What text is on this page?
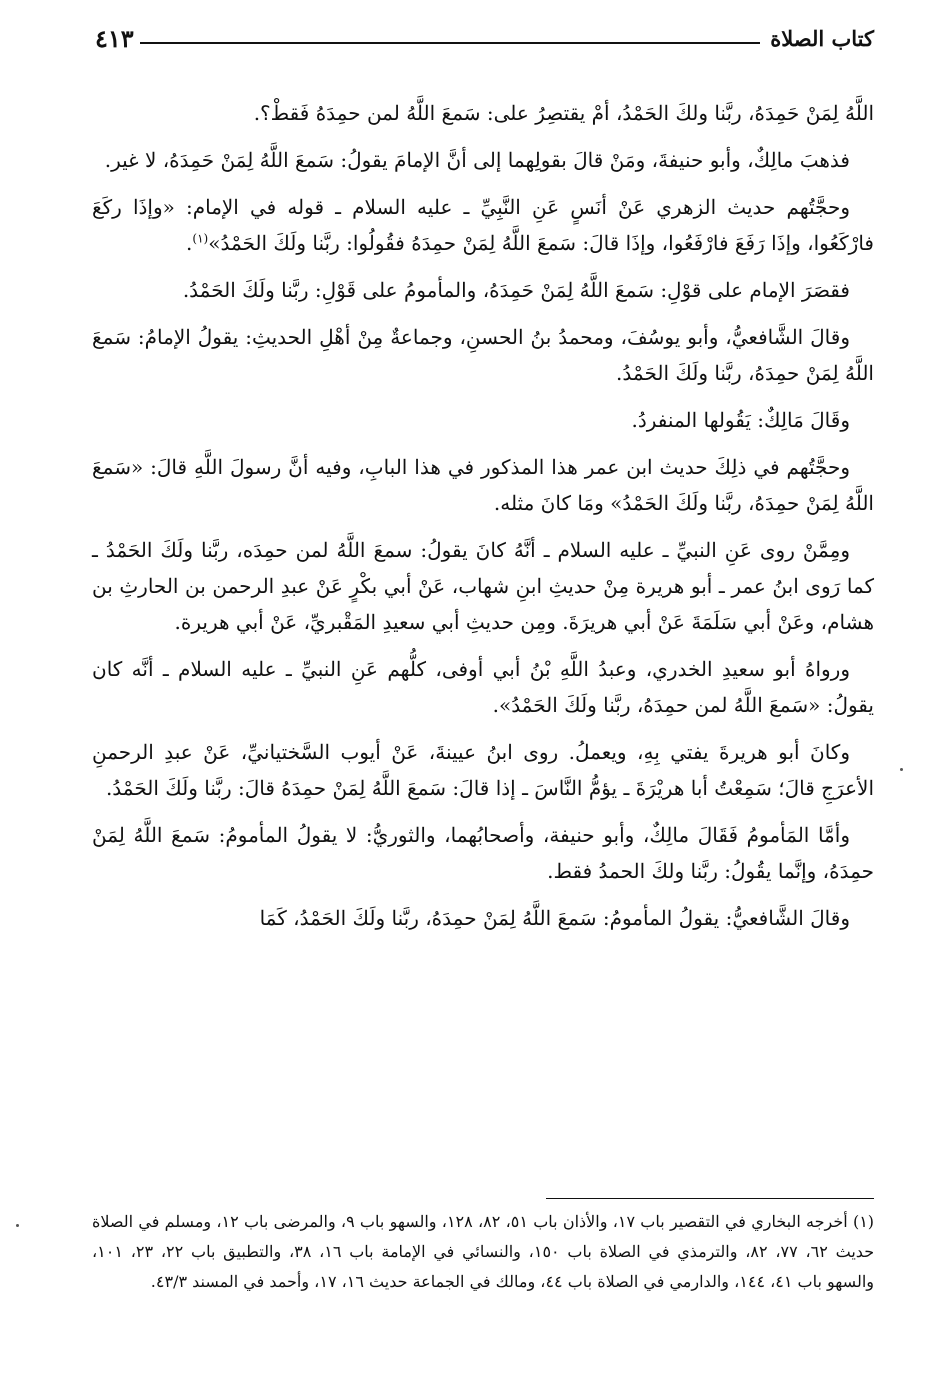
كتاب الصلاة
٤١٣

اللَّهُ لِمَنْ حَمِدَهُ، ربَّنا ولكَ الحَمْدُ، أمْ يقتصِرُ على: سَمعَ اللَّهُ لمن حمِدَهُ فَقطْ؟.

فذهبَ مالِكٌ، وأبو حنيفةَ، ومَنْ قالَ بقولِهما إلى أنَّ الإمامَ يقولُ: سَمعَ اللَّهُ لِمَنْ حَمِدَهُ، لا غير.

وحجَّتُهم حديث الزهري عَنْ أنَسٍ عَنِ النَّبِيِّ ـ عليه السلام ـ قوله في الإمام: «وإذَا ركَعَ فارْكَعُوا، وإذَا رَفَعَ فارْفَعُوا، وإذَا قالَ: سَمعَ اللَّهُ لِمَنْ حمِدَهُ فقُولُوا: ربَّنا ولَكَ الحَمْدُ»$^{(١)}$.

فقصَرَ الإمام على قوْلِ: سَمعَ اللَّهُ لِمَنْ حَمِدَهُ، والمأمومُ على قَوْلِ: ربَّنا ولَكَ الحَمْدُ.

وقالَ الشَّافعيُّ، وأبو يوسُفَ، ومحمدُ بنُ الحسنِ، وجماعةٌ مِنْ أهْلِ الحديثِ: يقولُ الإمامُ: سَمعَ اللَّهُ لِمَنْ حمِدَهُ، ربَّنا ولَكَ الحَمْدُ.

وقَالَ مَالِكٌ: يَقُولها المنفردُ.

وحجَّتُهم في ذلِكَ حديث ابن عمر هذا المذكور في هذا البابِ، وفيه أنَّ رسولَ اللَّهِ قالَ: «سَمعَ اللَّهُ لِمَنْ حمِدَهُ، ربَّنا ولَكَ الحَمْدُ» ومَا كانَ مثله.

ومِمَّنْ روى عَنِ النبيِّ ـ عليه السلام ـ أنَّهُ كانَ يقولُ: سمعَ اللَّهُ لمن حمِدَه، ربَّنا ولَكَ الحَمْدُ ـ كما رَوى ابنُ عمر ـ أبو هريرة مِنْ حديثِ ابنِ شهاب، عَنْ أبي بكْرٍ عَنْ عبدِ الرحمن بن الحارثِ بن هشام، وعَنْ أبي سَلَمَةَ عَنْ أبي هريرَةَ. ومِن حديثِ أبي سعيدِ المَقْبريِّ، عَنْ أبي هريرة.

ورواهُ أبو سعيدِ الخدري، وعبدُ اللَّهِ بْنُ أبي أوفى، كلُّهم عَنِ النبيِّ ـ عليه السلام ـ أنَّه كان يقولُ: «سَمعَ اللَّهُ لمن حمِدَهُ، ربَّنا ولَكَ الحَمْدُ».

وكانَ أبو هريرةَ يفتي بِهِ، ويعملُ. روى ابنُ عيينةَ، عَنْ أيوب السَّختيانيِّ، عَنْ عبدِ الرحمنِ الأعرَجِ قالَ؛ سَمِعْتُ أبا هريْرَةَ ـ يؤمُّ النَّاسَ ـ إذا قالَ: سَمعَ اللَّهُ لِمَنْ حمِدَهُ قالَ: ربَّنا ولَكَ الحَمْدُ.

وأمَّا المَأمومُ فَقَالَ مالِكٌ، وأبو حنيفة، وأصحابُهما، والثوريُّ: لا يقولُ المأمومُ: سَمعَ اللَّهُ لِمَنْ حمِدَهُ، وإنَّما يقُولُ: ربَّنا ولكَ الحمدُ فقط.

وقالَ الشَّافعيُّ: يقولُ المأمومُ: سَمعَ اللَّهُ لِمَنْ حمِدَهُ، ربَّنا ولَكَ الحَمْدُ، كَمَا

(١) أخرجه البخاري في التقصير باب ١٧، والأذان باب ٥١، ٨٢، ١٢٨، والسهو باب ٩، والمرضى باب ١٢، ومسلم في الصلاة حديث ٦٢، ٧٧، ٨٢، والترمذي في الصلاة باب ١٥٠، والنسائي في الإمامة باب ١٦، ٣٨، والتطبيق باب ٢٢، ٢٣، ١٠١، والسهو باب ٤١، ١٤٤، والدارمي في الصلاة باب ٤٤، ومالك في الجماعة حديث ١٦، ١٧، وأحمد في المسند ٤٣/٣.
